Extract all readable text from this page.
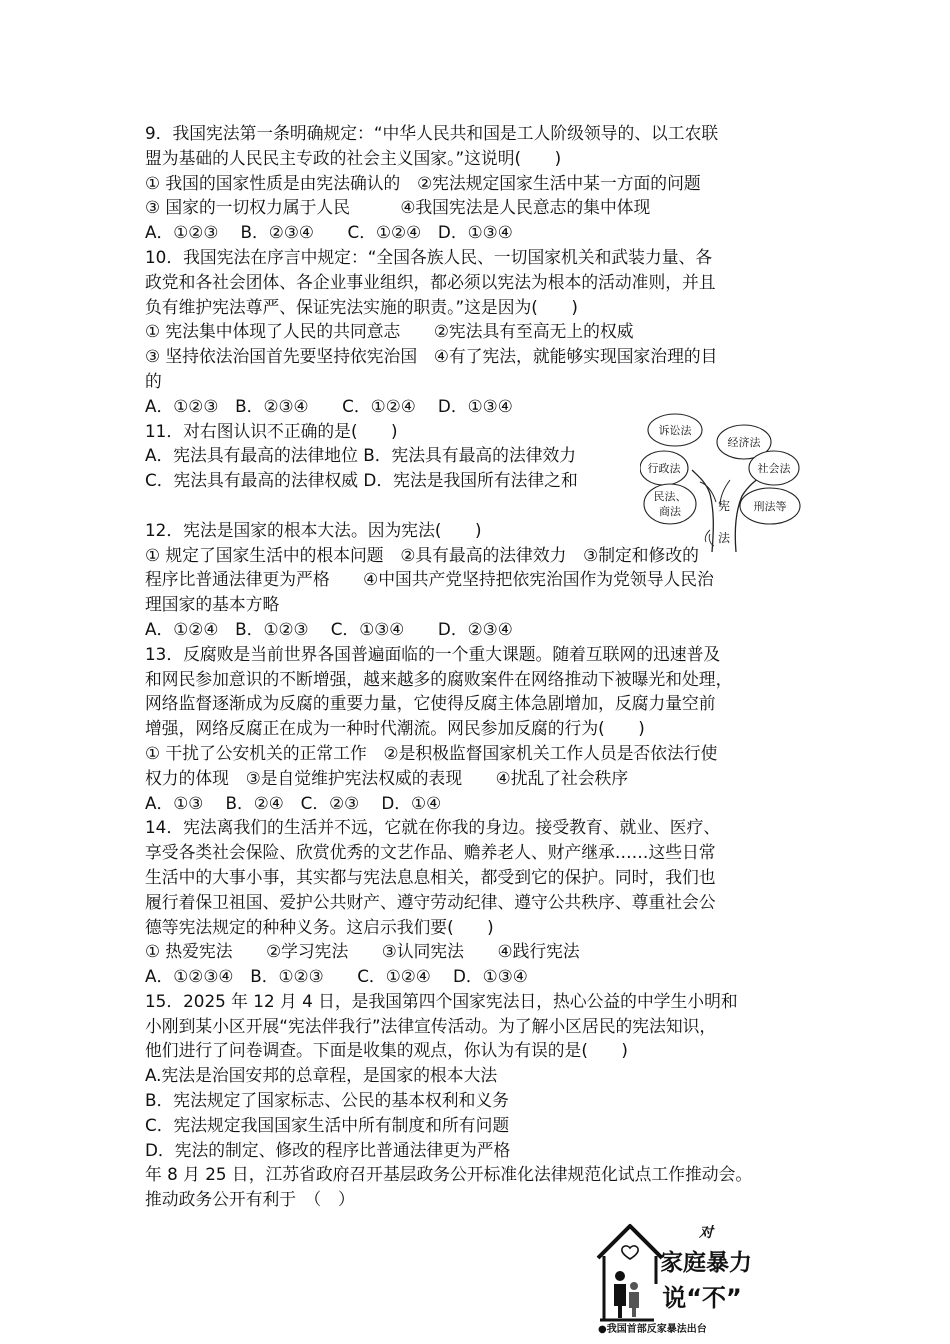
9．我国宪法第一条明确规定：“中华人民共和国是工人阶级领导的、以工农联
盟为基础的人民民主专政的社会主义国家。”这说明(　　)
① 我国的国家性质是由宪法确认的　②宪法规定国家生活中某一方面的问题
③ 国家的一切权力属于人民　　　④我国宪法是人民意志的集中体现
A．①②③　 B．②③④　　C．①②④　D．①③④
10．我国宪法在序言中规定：“全国各族人民、一切国家机关和武装力量、各
政党和各社会团体、各企业事业组织，都必须以宪法为根本的活动准则，并且
负有维护宪法尊严、保证宪法实施的职责。”这是因为(　　)
① 宪法集中体现了人民的共同意志　　②宪法具有至高无上的权威
③ 坚持依法治国首先要坚持依宪治国　④有了宪法，就能够实现国家治理的目
的
A．①②③　B．②③④　　C．①②④　 D．①③④
11．对右图认识不正确的是(　　)
A．宪法具有最高的法律地位 B．宪法具有最高的法律效力
C．宪法具有最高的法律权威 D．宪法是我国所有法律之和
12．宪法是国家的根本大法。因为宪法(　　)
① 规定了国家生活中的根本问题　②具有最高的法律效力　③制定和修改的
程序比普通法律更为严格　　④中国共产党坚持把依宪治国作为党领导人民治
理国家的基本方略
A．①②④　B．①②③　 C．①③④　　D．②③④
13．反腐败是当前世界各国普遍面临的一个重大课题。随着互联网的迅速普及
和网民参加意识的不断增强，越来越多的腐败案件在网络推动下被曝光和处理，
网络监督逐渐成为反腐的重要力量，它使得反腐主体急剧增加，反腐力量空前
增强，网络反腐正在成为一种时代潮流。网民参加反腐的行为(　　)
① 干扰了公安机关的正常工作　②是积极监督国家机关工作人员是否依法行使
权力的体现　③是自觉维护宪法权威的表现　　④扰乱了社会秩序
A．①③　 B．②④　C．②③　 D．①④
14．宪法离我们的生活并不远，它就在你我的身边。接受教育、就业、医疗、
享受各类社会保险、欣赏优秀的文艺作品、赡养老人、财产继承……这些日常
生活中的大事小事，其实都与宪法息息相关，都受到它的保护。同时，我们也
履行着保卫祖国、爱护公共财产、遵守劳动纪律、遵守公共秩序、尊重社会公
德等宪法规定的种种义务。这启示我们要(　　)
① 热爱宪法　　②学习宪法　　③认同宪法　　④践行宪法
A．①②③④　B．①②③　　C．①②④　 D．①③④
15．2025 年 12 月 4 日，是我国第四个国家宪法日，热心公益的中学生小明和
小刚到某小区开展“宪法伴我行”法律宣传活动。为了解小区居民的宪法知识，
他们进行了问卷调查。下面是收集的观点，你认为有误的是(　　)
A.宪法是治国安邦的总章程，是国家的根本大法
B．宪法规定了国家标志、公民的基本权利和义务
C．宪法规定我国国家生活中所有制度和所有问题
D．宪法的制定、修改的程序比普通法律更为严格
年 8 月 25 日，江苏省政府召开基层政务公开标准化法律规范化试点工作推动会。
推动政务公开有利于　（　）
诉讼法
经济法
行政法	社会法
民法、
商法	刑法等
宪
法
对
家庭暴力
说“不”
●我国首部反家暴法出台
